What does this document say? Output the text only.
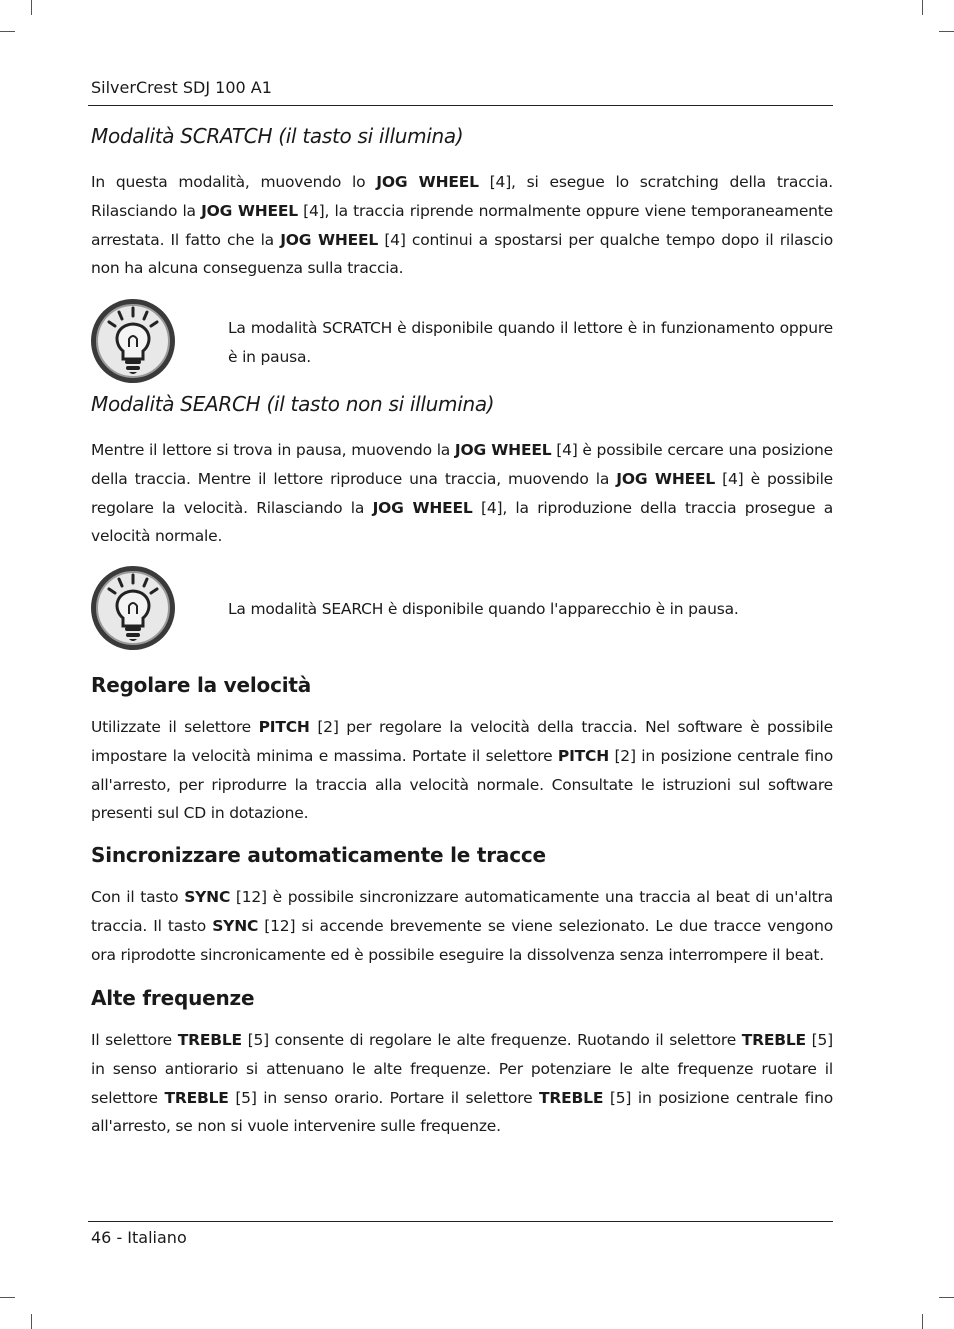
SilverCrest SDJ 100 A1
Modalità SCRATCH (il tasto si illumina)

In questa modalità, muovendo lo JOG WHEEL [4], si esegue lo scratching della traccia. Rilasciando la JOG WHEEL [4], la traccia riprende normalmente oppure viene temporaneamente arrestata. Il fatto che la JOG WHEEL [4] continui a spostarsi per qualche tempo dopo il rilascio non ha alcuna conseguenza sulla traccia.

La modalità SCRATCH è disponibile quando il lettore è in funzionamento oppure è in pausa.

Modalità SEARCH (il tasto non si illumina)

Mentre il lettore si trova in pausa, muovendo la JOG WHEEL [4] è possibile cercare una posizione della traccia. Mentre il lettore riproduce una traccia, muovendo la JOG WHEEL [4] è possibile regolare la velocità. Rilasciando la JOG WHEEL [4], la riproduzione della traccia prosegue a velocità normale.

La modalità SEARCH è disponibile quando l'apparecchio è in pausa.

Regolare la velocità

Utilizzate il selettore PITCH [2] per regolare la velocità della traccia. Nel software è possibile impostare la velocità minima e massima. Portate il selettore PITCH [2] in posizione centrale fino all'arresto, per riprodurre la traccia alla velocità normale. Consultate le istruzioni sul software presenti sul CD in dotazione.

Sincronizzare automaticamente le tracce

Con il tasto SYNC [12] è possibile sincronizzare automaticamente una traccia al beat di un'altra traccia. Il tasto SYNC [12] si accende brevemente se viene selezionato. Le due tracce vengono ora riprodotte sincronicamente ed è possibile eseguire la dissolvenza senza interrompere il beat.

Alte frequenze

Il selettore TREBLE [5] consente di regolare le alte frequenze. Ruotando il selettore TREBLE [5] in senso antiorario si attenuano le alte frequenze. Per potenziare le alte frequenze ruotare il selettore TREBLE [5] in senso orario. Portare il selettore TREBLE [5] in posizione centrale fino all'arresto, se non si vuole intervenire sulle frequenze.

46 - Italiano
